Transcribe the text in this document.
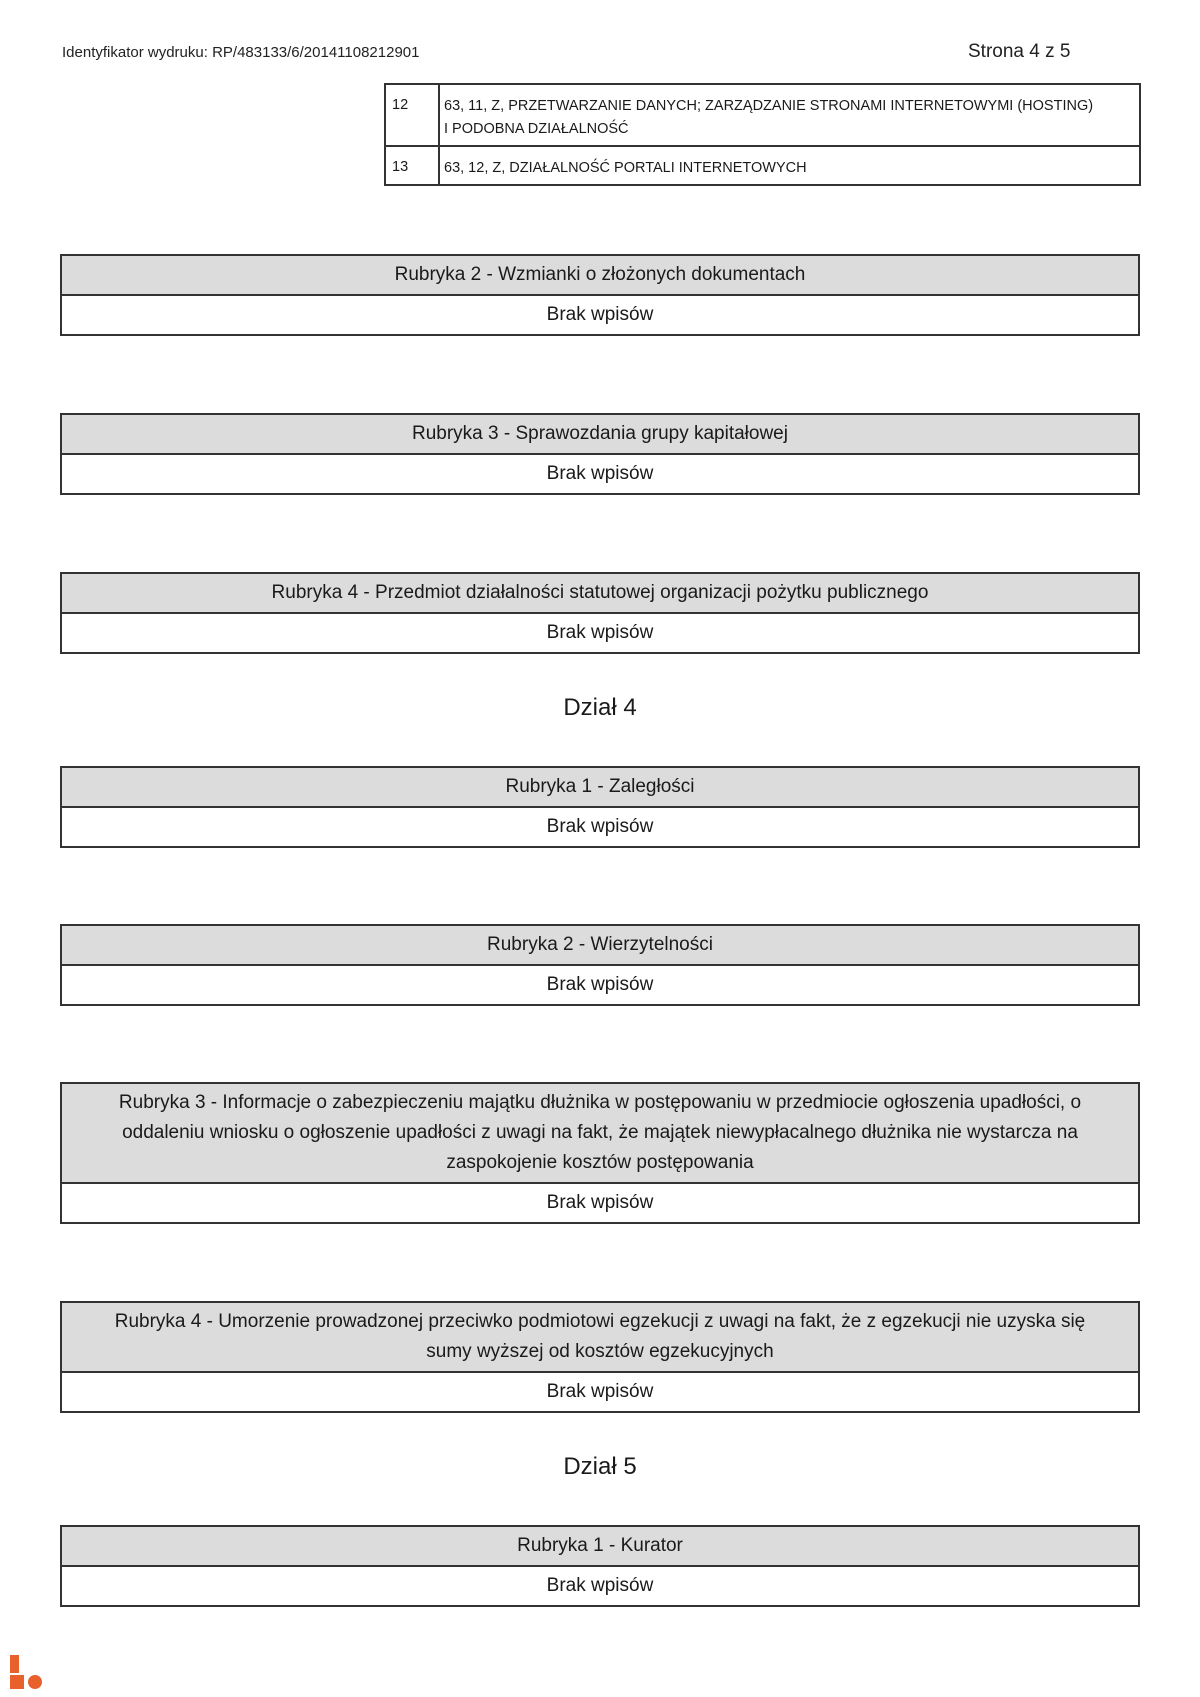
Identyfikator wydruku: RP/483133/6/20141108212901	Strona 4 z 5
12	63, 11, Z, PRZETWARZANIE DANYCH; ZARZĄDZANIE STRONAMI INTERNETOWYMI (HOSTING)
I PODOBNA DZIAŁALNOŚĆ

13	63, 12, Z, DZIAŁALNOŚĆ PORTALI INTERNETOWYCH
Rubryka 2 - Wzmianki o złożonych dokumentach
Brak wpisów
Rubryka 3 - Sprawozdania grupy kapitałowej
Brak wpisów
Rubryka 4 - Przedmiot działalności statutowej organizacji pożytku publicznego
Brak wpisów
Dział 4
Rubryka 1 - Zaległości
Brak wpisów
Rubryka 2 - Wierzytelności
Brak wpisów
Rubryka 3 - Informacje o zabezpieczeniu majątku dłużnika w postępowaniu w przedmiocie ogłoszenia upadłości, o
oddaleniu wniosku o ogłoszenie upadłości z uwagi na fakt, że majątek niewypłacalnego dłużnika nie wystarcza na
zaspokojenie kosztów postępowania
Brak wpisów
Rubryka 4 - Umorzenie prowadzonej przeciwko podmiotowi egzekucji z uwagi na fakt, że z egzekucji nie uzyska się
sumy wyższej od kosztów egzekucyjnych
Brak wpisów
Dział 5
Rubryka 1 - Kurator
Brak wpisów
